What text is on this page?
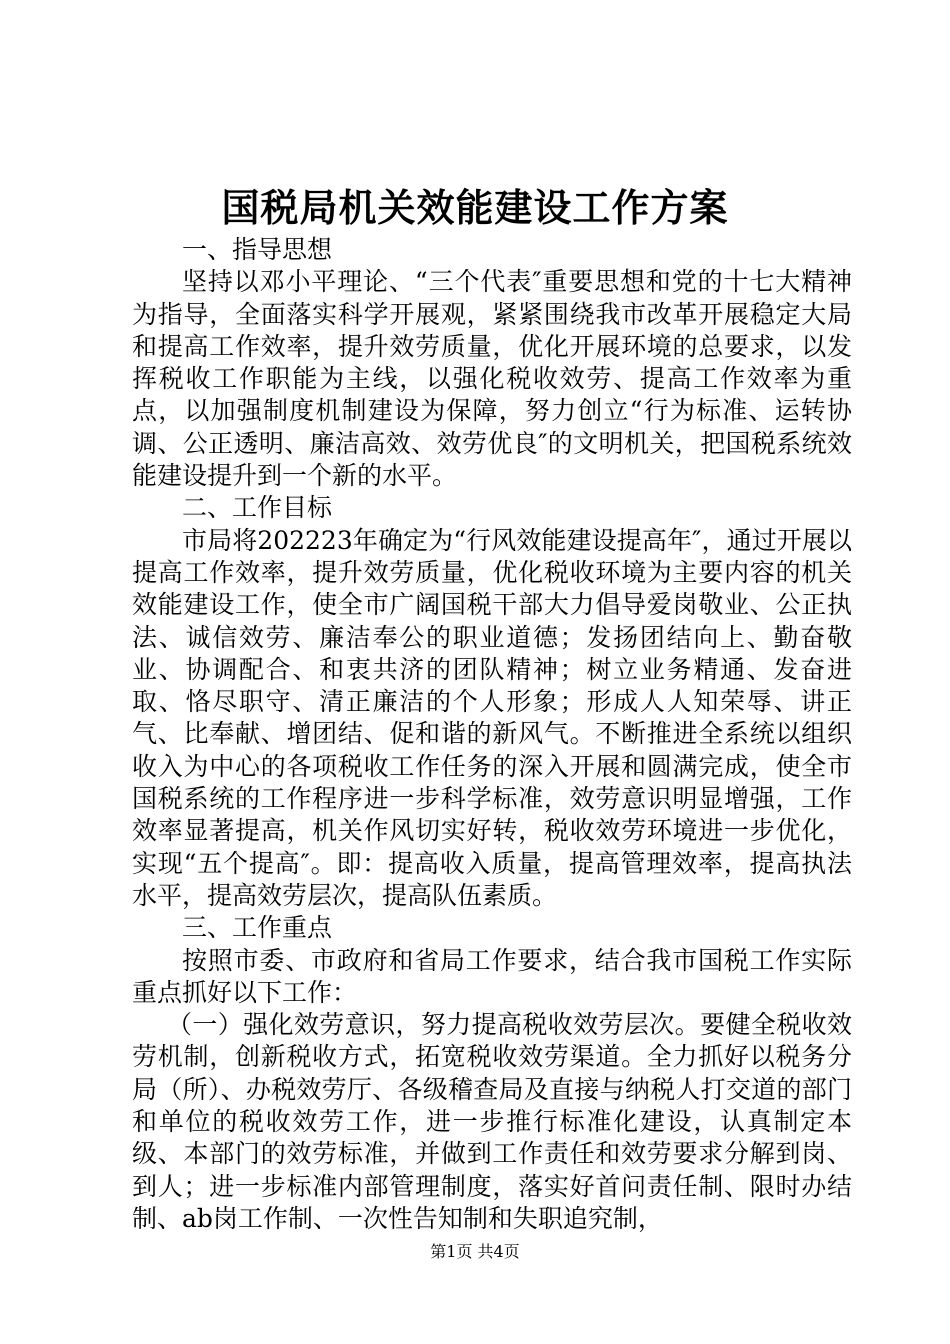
国税局机关效能建设工作方案

一、指导思想

坚持以邓小平理论、“三个代表″重要思想和党的十七大精神为指导，全面落实科学开展观，紧紧围绕我市改革开展稳定大局和提高工作效率，提升效劳质量，优化开展环境的总要求，以发挥税收工作职能为主线，以强化税收效劳、提高工作效率为重点，以加强制度机制建设为保障，努力创立“行为标准、运转协调、公正透明、廉洁高效、效劳优良″的文明机关，把国税系统效能建设提升到一个新的水平。

二、工作目标

市局将202223年确定为“行风效能建设提高年″，通过开展以提高工作效率，提升效劳质量，优化税收环境为主要内容的机关效能建设工作，使全市广阔国税干部大力倡导爱岗敬业、公正执法、诚信效劳、廉洁奉公的职业道德；发扬团结向上、勤奋敬业、协调配合、和衷共济的团队精神；树立业务精通、发奋进取、恪尽职守、清正廉洁的个人形象；形成人人知荣辱、讲正气、比奉献、增团结、促和谐的新风气。不断推进全系统以组织收入为中心的各项税收工作任务的深入开展和圆满完成，使全市国税系统的工作程序进一步科学标准，效劳意识明显增强，工作效率显著提高，机关作风切实好转，税收效劳环境进一步优化，实现“五个提高″。即：提高收入质量，提高管理效率，提高执法水平，提高效劳层次，提高队伍素质。

三、工作重点

按照市委、市政府和省局工作要求，结合我市国税工作实际重点抓好以下工作：

（一）强化效劳意识，努力提高税收效劳层次。要健全税收效劳机制，创新税收方式，拓宽税收效劳渠道。全力抓好以税务分局（所）、办税效劳厅、各级稽查局及直接与纳税人打交道的部门和单位的税收效劳工作，进一步推行标准化建设，认真制定本级、本部门的效劳标准，并做到工作责任和效劳要求分解到岗、到人；进一步标准内部管理制度，落实好首问责任制、限时办结制、ab岗工作制、一次性告知制和失职追究制，

第1页 共4页
